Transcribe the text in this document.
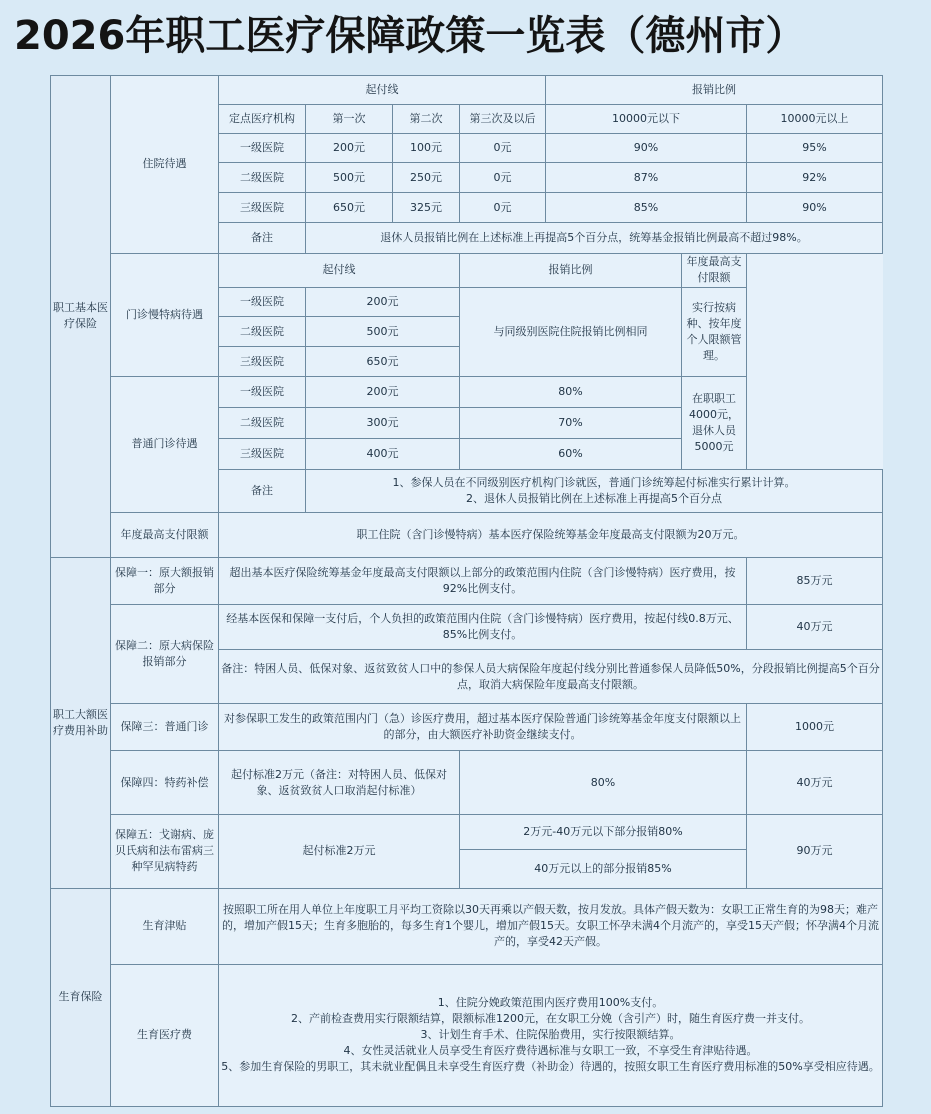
2026年职工医疗保障政策一览表（德州市）
职工基本医疗保险	住院待遇	起付线				报销比例		
		定点医疗机构	第一次	第二次	第三次及以后	10000元以下		10000元以上
		一级医院	200元	100元	0元	90%		95%
		二级医院	500元	250元	0元	87%		92%
		三级医院	650元	325元	0元	85%		90%
		备注	退休人员报销比例在上述标准上再提高5个百分点，统筹基金报销比例最高不超过98%。					
	门诊慢特病待遇	起付线			报销比例		年度最高支付限额	
		一级医院	200元		与同级别医院住院报销比例相同		实行按病种、按年度个人限额管理。	
		二级医院	500元					
		三级医院	650元					
	普通门诊待遇	一级医院	200元		80%		在职职工4000元，退休人员5000元	
		二级医院	300元		70%			
		三级医院	400元		60%			
		备注	1、参保人员在不同级别医疗机构门诊就医，普通门诊统筹起付标准实行累计计算。
2、退休人员报销比例在上述标准上再提高5个百分点					

	年度最高支付限额	职工住院（含门诊慢特病）基本医疗保险统筹基金年度最高支付限额为20万元。						
职工大额医疗费用补助	保障一：原大额报销部分	超出基本医疗保险统筹基金年度最高支付限额以上部分的政策范围内住院（含门诊慢特病）医疗费用，按92%比例支付。						85万元
	保障二：原大病保险报销部分	经基本医保和保障一支付后，个人负担的政策范围内住院（含门诊慢特病）医疗费用，按起付线0.8万元、85%比例支付。						40万元
		备注：特困人员、低保对象、返贫致贫人口中的参保人员大病保险年度起付线分别比普通参保人员降低50%，分段报销比例提高5个百分点，取消大病保险年度最高支付限额。						
	保障三：普通门诊	对参保职工发生的政策范围内门（急）诊医疗费用，超过基本医疗保险普通门诊统筹基金年度支付限额以上的部分，由大额医疗补助资金继续支付。						1000元
	保障四：特药补偿	起付标准2万元（备注：对特困人员、低保对象、返贫致贫人口取消起付标准）			80%			40万元
	保障五：戈谢病、庞贝氏病和法布雷病三种罕见病特药	起付标准2万元			2万元-40万元以下部分报销80%			90万元
					40万元以上的部分报销85%			
生育保险	生育津贴	按照职工所在用人单位上年度职工月平均工资除以30天再乘以产假天数，按月发放。具体产假天数为：女职工正常生育的为98天；难产的，增加产假15天；生育多胞胎的，每多生育1个婴儿，增加产假15天。女职工怀孕未满4个月流产的，享受15天产假；怀孕满4个月流产的，享受42天产假。						
	生育医疗费	1、住院分娩政策范围内医疗费用100%支付。
2、产前检查费用实行限额结算，限额标准1200元，在女职工分娩（含引产）时，随生育医疗费一并支付。
3、计划生育手术、住院保胎费用，实行按限额结算。
4、女性灵活就业人员享受生育医疗费待遇标准与女职工一致，不享受生育津贴待遇。
5、参加生育保险的男职工，其未就业配偶且未享受生育医疗费（补助金）待遇的，按照女职工生育医疗费用标准的50%享受相应待遇。						
